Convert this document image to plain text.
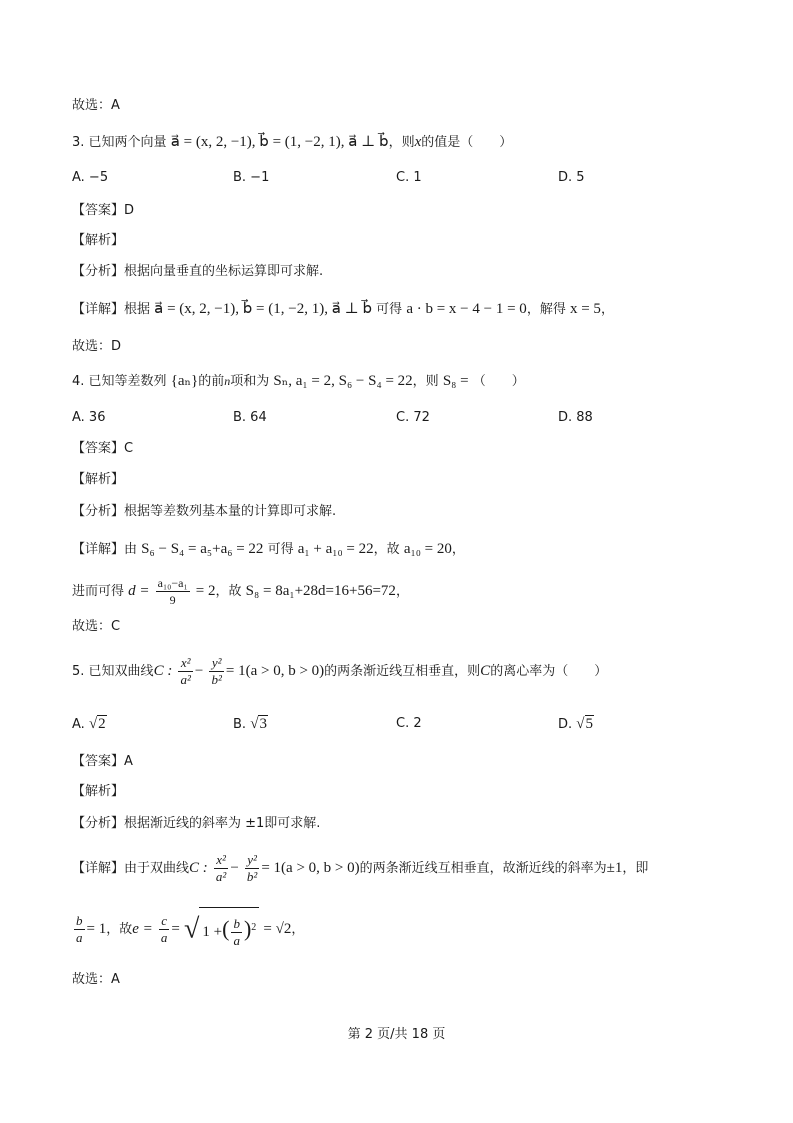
故选：A
3. 已知两个向量 a⃗ = (x, 2, −1), b⃗ = (1, −2, 1), a⃗ ⊥ b⃗，则x的值是（　　）
A. −5	B. −1	C. 1	D. 5
【答案】D
【解析】
【分析】根据向量垂直的坐标运算即可求解.
【详解】根据 a⃗ = (x, 2, −1), b⃗ = (1, −2, 1), a⃗ ⊥ b⃗ 可得 a · b = x − 4 − 1 = 0，解得 x = 5，
故选：D
4. 已知等差数列 {aₙ}的前n项和为 Sₙ, a₁ = 2, S₆ − S₄ = 22，则 S₈ = （　　）
A. 36	B. 64	C. 72	D. 88
【答案】C
【解析】
【分析】根据等差数列基本量的计算即可求解.
【详解】由 S₆ − S₄ = a₅+a₆ = 22 可得 a₁ + a₁₀ = 22，故 a₁₀ = 20，
进而可得 $d = \frac{\text{a₁₀−a₁}}{9} = 2$，故 S₈ = 8a₁+28d=16+56=72，
故选：C
5. 已知双曲线C : $\frac{\text{x²}}{\text{a²}} - \frac{\text{y²}}{\text{b²}} = 1(a > 0$, b > 0)的两条渐近线互相垂直，则C的离心率为（　　）
A. √2	B. √3	C. 2	D. √5
【答案】A
【解析】
【分析】根据渐近线的斜率为 ±1即可求解.
【详解】由于双曲线C : $\frac{\text{x²}}{\text{a²}} - \frac{\text{y²}}{\text{b²}} = 1(a > 0$, b > 0)的两条渐近线互相垂直，故渐近线的斜率为±1，即
$\frac{b}{a} = 1$，故$e = \frac{c}{a}$ = √ 1 +( $\frac{b}{a} )^2 = √2$，
故选：A
第 2 页/共 18 页
